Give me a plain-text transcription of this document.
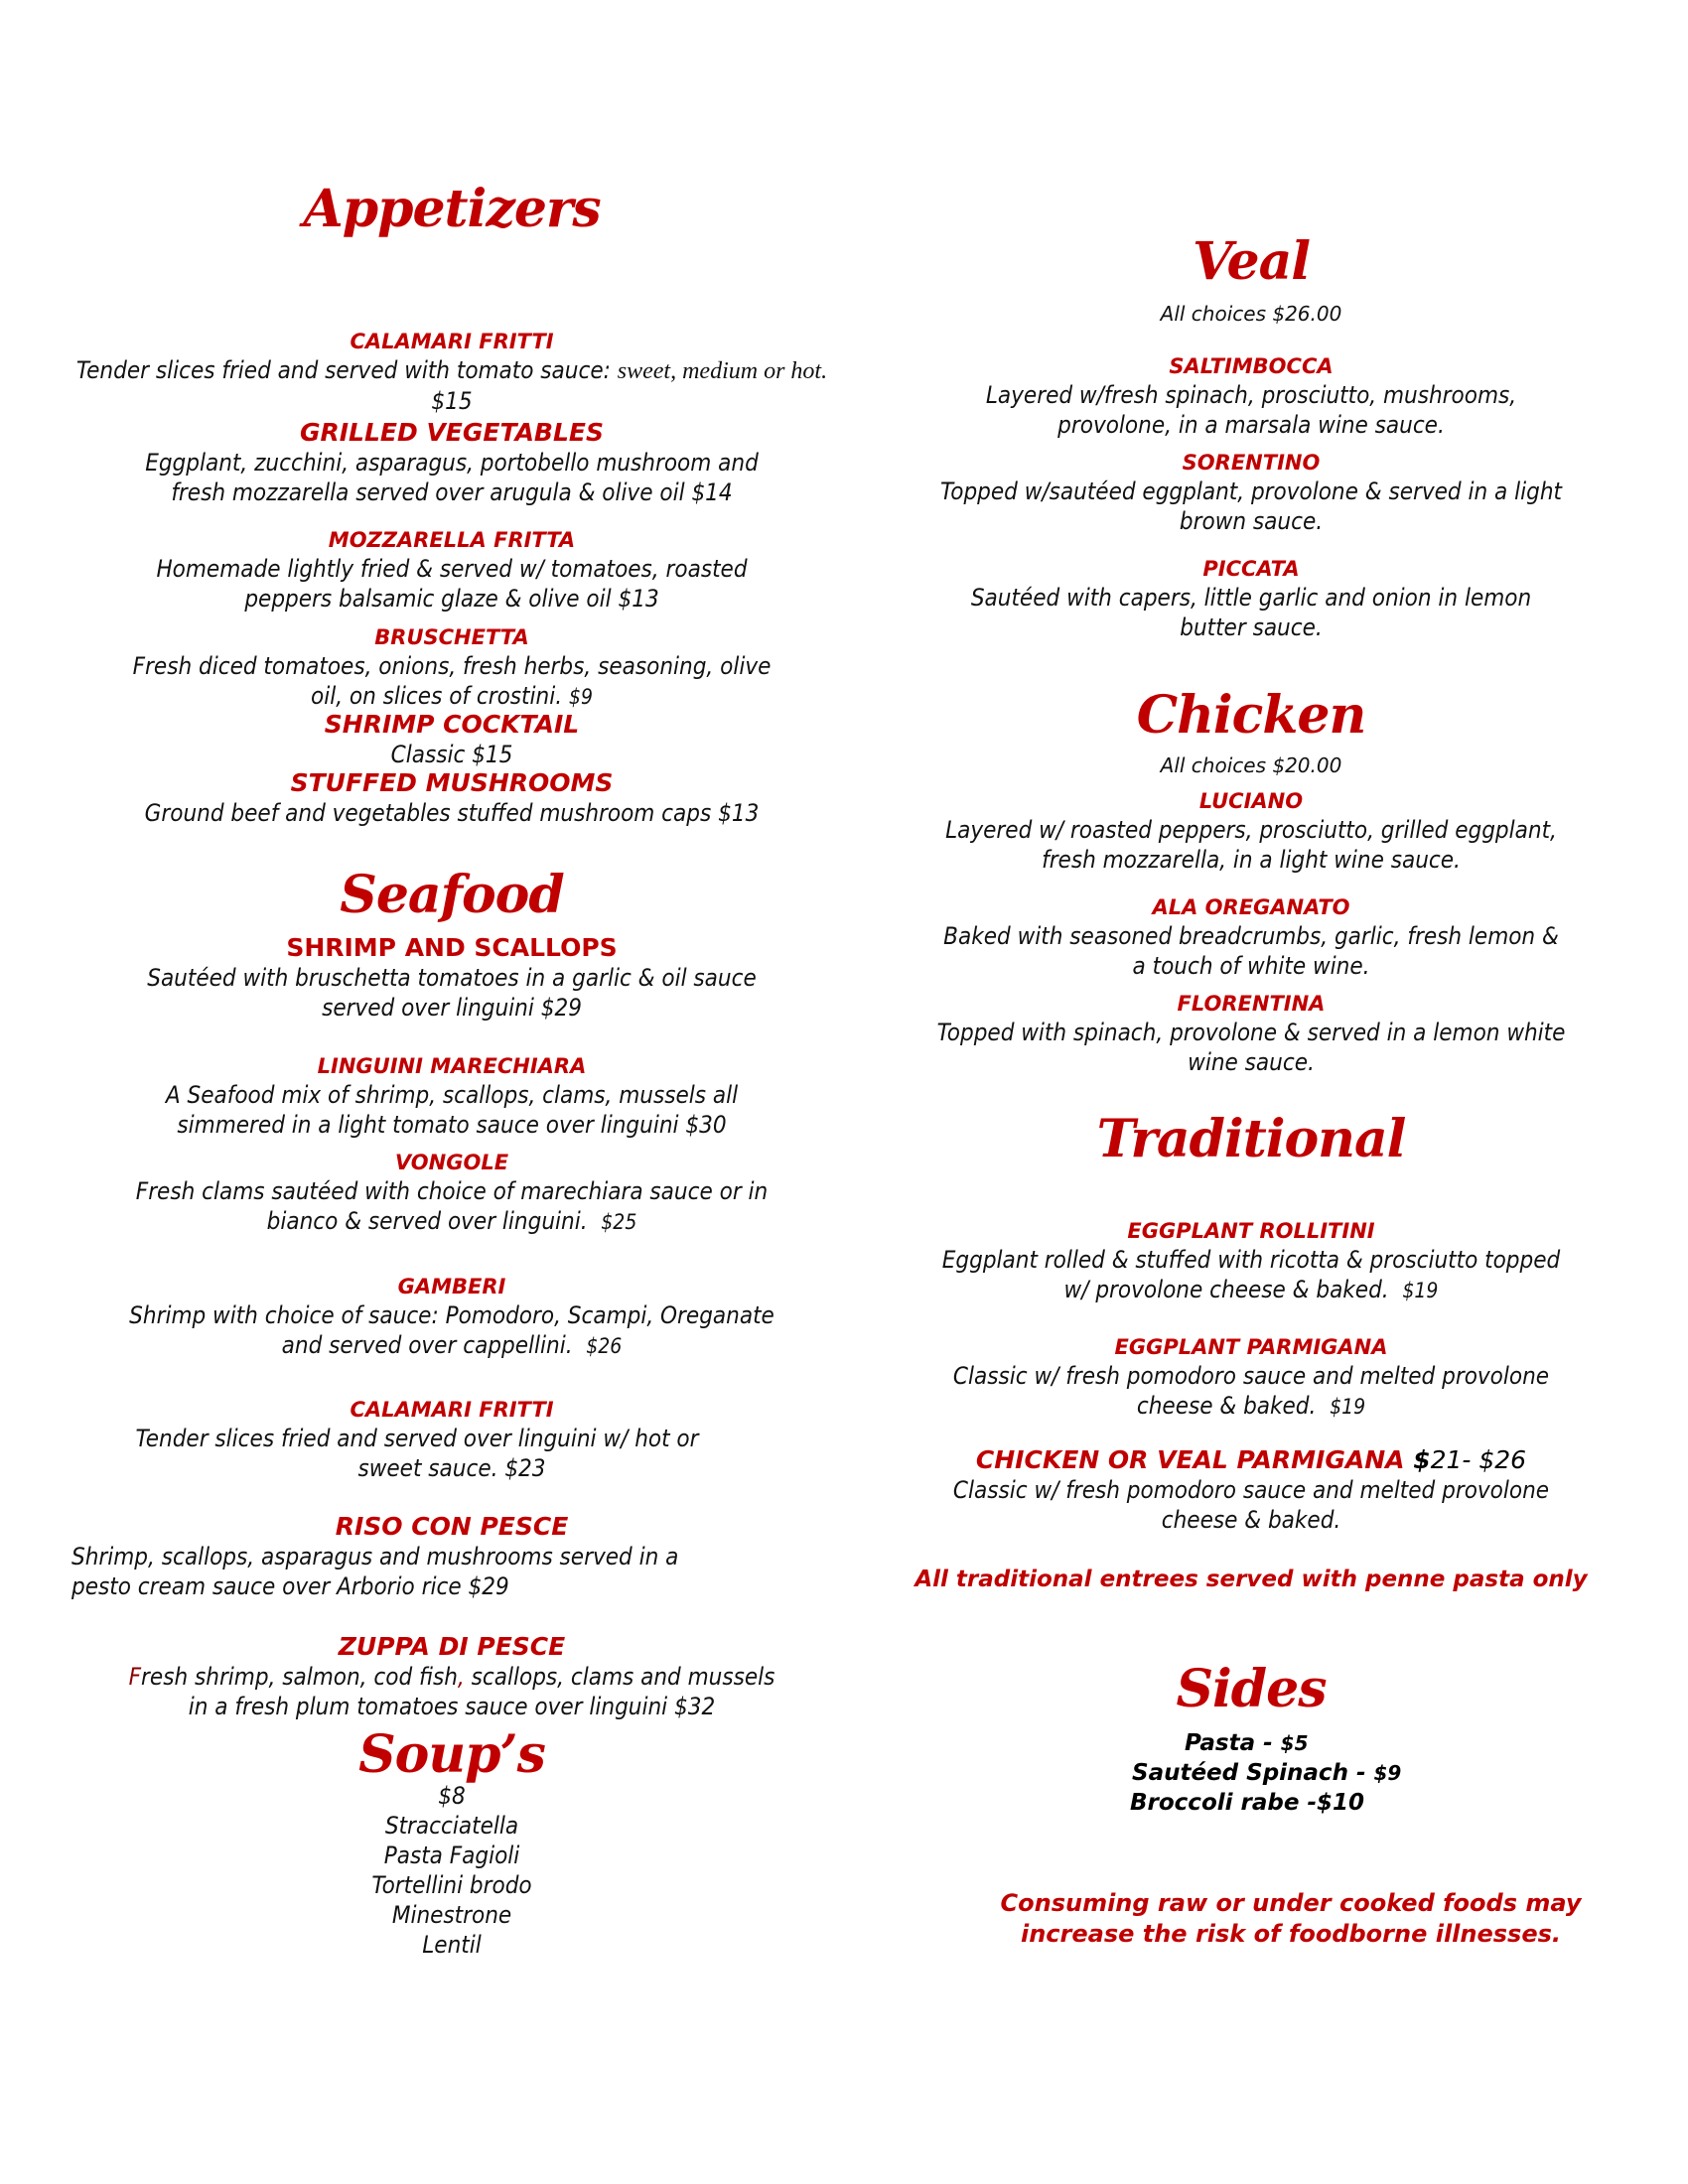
Appetizers
CALAMARI FRITTI
Tender slices fried and served with tomato sauce: sweet, medium or hot. $15
GRILLED VEGETABLES
Eggplant, zucchini, asparagus, portobello mushroom and
fresh mozzarella served over arugula & olive oil $14
MOZZARELLA FRITTA
Homemade lightly fried & served w/ tomatoes, roasted
peppers balsamic glaze & olive oil $13
BRUSCHETTA
Fresh diced tomatoes, onions, fresh herbs, seasoning, olive
oil, on slices of crostini. $9
SHRIMP COCKTAIL
Classic $15
STUFFED MUSHROOMS
Ground beef and vegetables stuffed mushroom caps $13
Seafood
SHRIMP AND SCALLOPS
Sautéed with bruschetta tomatoes in a garlic & oil sauce
served over linguini $29
LINGUINI MARECHIARA
A Seafood mix of shrimp, scallops, clams, mussels all
simmered in a light tomato sauce over linguini $30
VONGOLE
Fresh clams sautéed with choice of marechiara sauce or in
bianco & served over linguini. $25
GAMBERI
Shrimp with choice of sauce: Pomodoro, Scampi, Oreganate
and served over cappellini. $26
CALAMARI FRITTI
Tender slices fried and served over linguini w/ hot or
sweet sauce. $23
RISO CON PESCE
Shrimp, scallops, asparagus and mushrooms served in a
pesto cream sauce over Arborio rice $29
ZUPPA DI PESCE
Fresh shrimp, salmon, cod fish, scallops, clams and mussels
in a fresh plum tomatoes sauce over linguini $32
Soup’s
$8
Stracciatella
Pasta Fagioli
Tortellini brodo
Minestrone
Lentil
Veal
All choices $26.00
SALTIMBOCCA
Layered w/fresh spinach, prosciutto, mushrooms,
provolone, in a marsala wine sauce.
SORENTINO
Topped w/sautéed eggplant, provolone & served in a light
brown sauce.
PICCATA
Sautéed with capers, little garlic and onion in lemon
butter sauce.
Chicken
All choices $20.00
LUCIANO
Layered w/ roasted peppers, prosciutto, grilled eggplant,
fresh mozzarella, in a light wine sauce.
ALA OREGANATO
Baked with seasoned breadcrumbs, garlic, fresh lemon &
a touch of white wine.
FLORENTINA
Topped with spinach, provolone & served in a lemon white
wine sauce.
Traditional
EGGPLANT ROLLITINI
Eggplant rolled & stuffed with ricotta & prosciutto topped
w/ provolone cheese & baked. $19
EGGPLANT PARMIGANA
Classic w/ fresh pomodoro sauce and melted provolone
cheese & baked. $19
CHICKEN OR VEAL PARMIGANA $21- $26
Classic w/ fresh pomodoro sauce and melted provolone
cheese & baked.
All traditional entrees served with penne pasta only
Sides
Pasta - $5
Sautéed Spinach - $9
Broccoli rabe -$10
Consuming raw or under cooked foods may
increase the risk of foodborne illnesses.
